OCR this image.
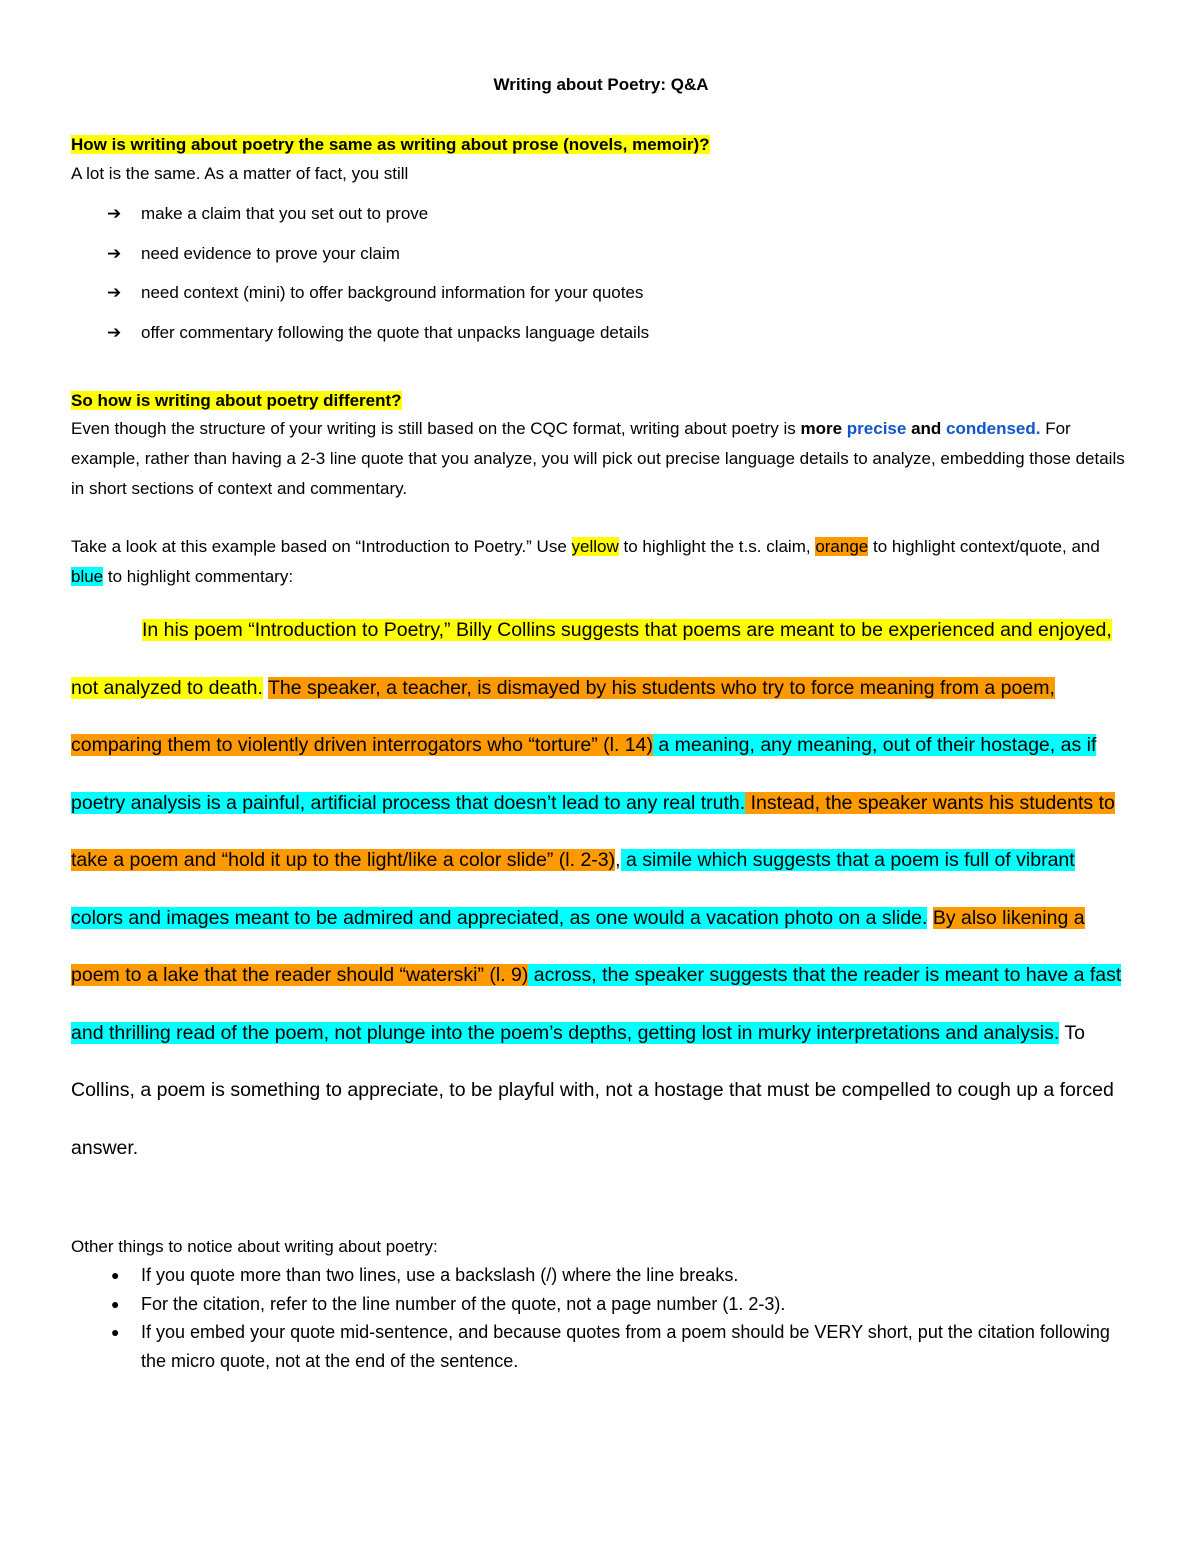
Writing about Poetry: Q&A

How is writing about poetry the same as writing about prose (novels, memoir)?

A lot is the same. As a matter of fact, you still

➔ make a claim that you set out to prove
➔ need evidence to prove your claim
➔ need context (mini) to offer background information for your quotes
➔ offer commentary following the quote that unpacks language details

So how is writing about poetry different?

Even though the structure of your writing is still based on the CQC format, writing about poetry is more precise and condensed. For example, rather than having a 2-3 line quote that you analyze, you will pick out precise language details to analyze, embedding those details in short sections of context and commentary.

Take a look at this example based on “Introduction to Poetry.” Use yellow to highlight the t.s. claim, orange to highlight context/quote, and blue to highlight commentary:

In his poem “Introduction to Poetry,” Billy Collins suggests that poems are meant to be experienced and enjoyed, not analyzed to death. The speaker, a teacher, is dismayed by his students who try to force meaning from a poem, comparing them to violently driven interrogators who “torture” (l. 14) a meaning, any meaning, out of their hostage, as if poetry analysis is a painful, artificial process that doesn’t lead to any real truth. Instead, the speaker wants his students to take a poem and “hold it up to the light/like a color slide” (l. 2-3), a simile which suggests that a poem is full of vibrant colors and images meant to be admired and appreciated, as one would a vacation photo on a slide. By also likening a poem to a lake that the reader should “waterski” (l. 9) across, the speaker suggests that the reader is meant to have a fast and thrilling read of the poem, not plunge into the poem’s depths, getting lost in murky interpretations and analysis. To Collins, a poem is something to appreciate, to be playful with, not a hostage that must be compelled to cough up a forced answer.

Other things to notice about writing about poetry:

● If you quote more than two lines, use a backslash (/) where the line breaks.
● For the citation, refer to the line number of the quote, not a page number (1. 2-3).
● If you embed your quote mid-sentence, and because quotes from a poem should be VERY short, put the citation following the micro quote, not at the end of the sentence.
